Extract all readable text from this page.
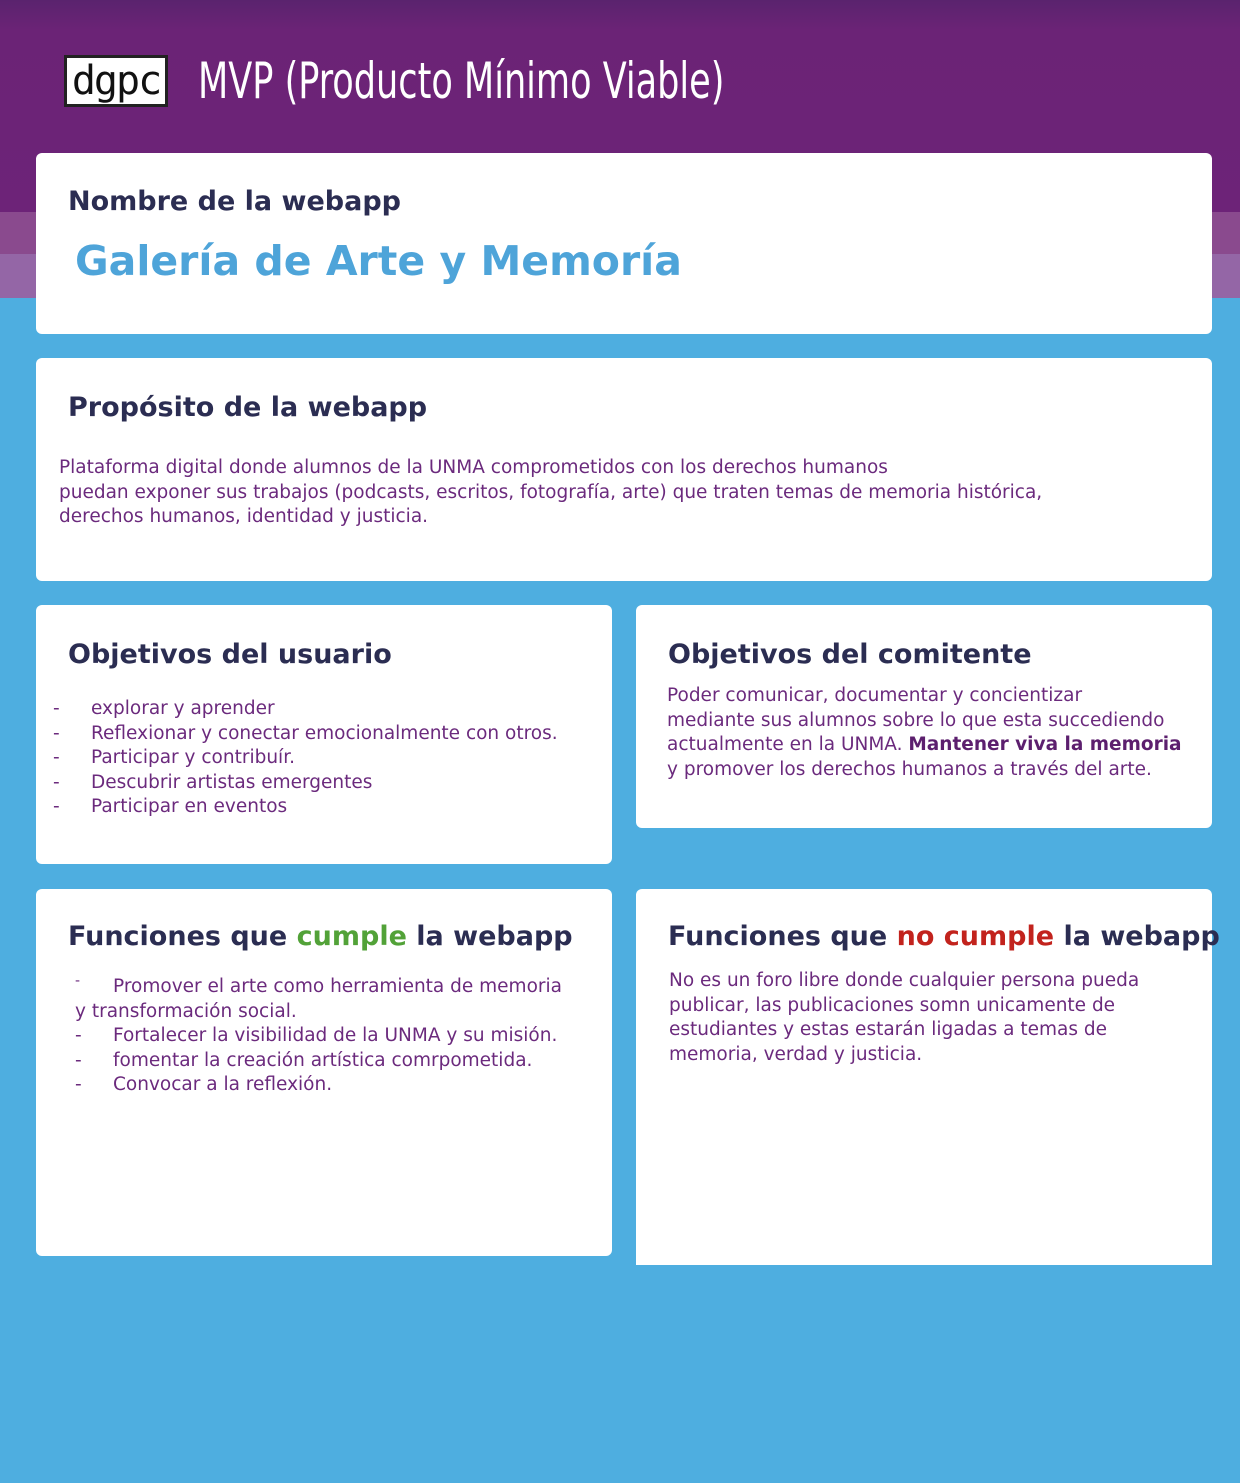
dgpc MVP (Producto Mínimo Viable)
Nombre de la webapp
Galería de Arte y Memoría
Propósito de la webapp
Plataforma digital donde alumnos de la UNMA comprometidos con los derechos humanos
puedan exponer sus trabajos (podcasts, escritos, fotografía, arte) que traten temas de memoria histórica,
derechos humanos, identidad y justicia.
Objetivos del usuario
- explorar y aprender
- Reflexionar y conectar emocionalmente con otros.
- Participar y contribuír.
- Descubrir artistas emergentes
- Participar en eventos
Objetivos del comitente
Poder comunicar, documentar y concientizar
mediante sus alumnos sobre lo que esta succediendo
actualmente en la UNMA. Mantener viva la memoria
y promover los derechos humanos a través del arte.
Funciones que cumple la webapp
- Promover el arte como herramienta de memoria
y transformación social.
- Fortalecer la visibilidad de la UNMA y su misión.
- fomentar la creación artística comrpometida.
- Convocar a la reflexión.
Funciones que no cumple la webapp
No es un foro libre donde cualquier persona pueda
publicar, las publicaciones somn unicamente de
estudiantes y estas estarán ligadas a temas de
memoria, verdad y justicia.
